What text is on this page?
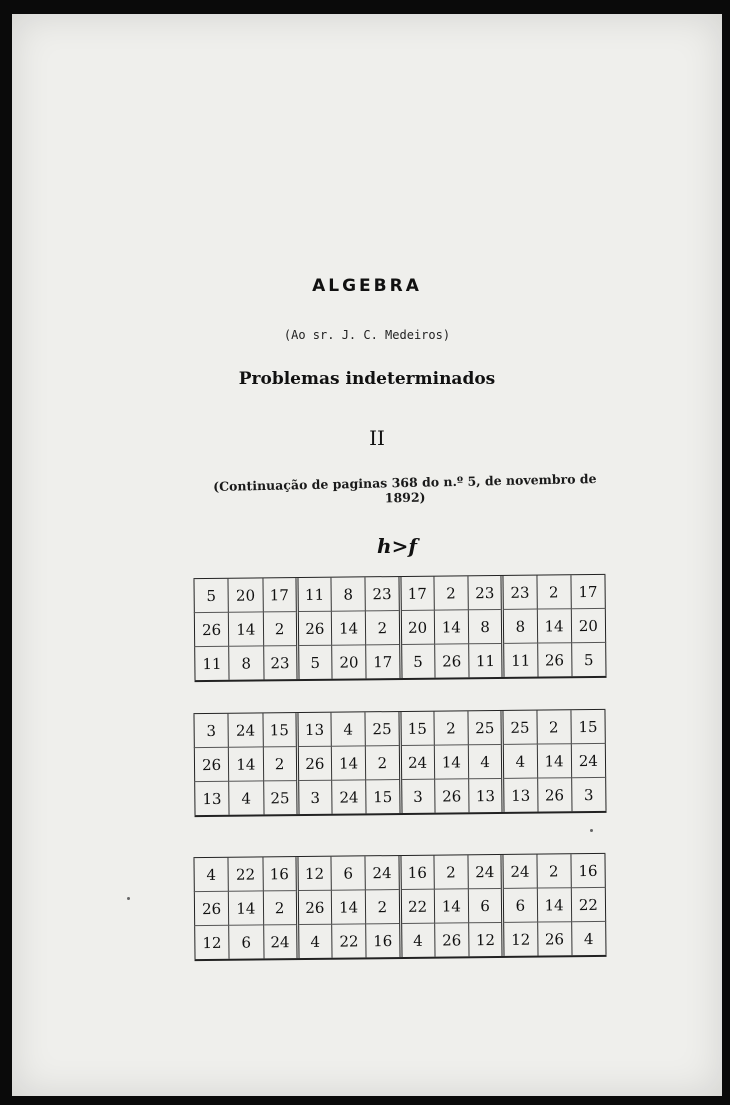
ALGEBRA
(Ao sr. J. C. Medeiros)
Problemas indeterminados
II
(Continuação de paginas 368 do n.º 5, de novembro de 1892)
h>f
5	20	17	11	8	23	17	2	23	23	2	17
26	14	2	26	14	2	20	14	8	8	14	20
11	8	23	5	20	17	5	26	11	11	26	5
3	24	15	13	4	25	15	2	25	25	2	15
26	14	2	26	14	2	24	14	4	4	14	24
13	4	25	3	24	15	3	26	13	13	26	3
4	22	16	12	6	24	16	2	24	24	2	16
26	14	2	26	14	2	22	14	6	6	14	22
12	6	24	4	22	16	4	26	12	12	26	4
